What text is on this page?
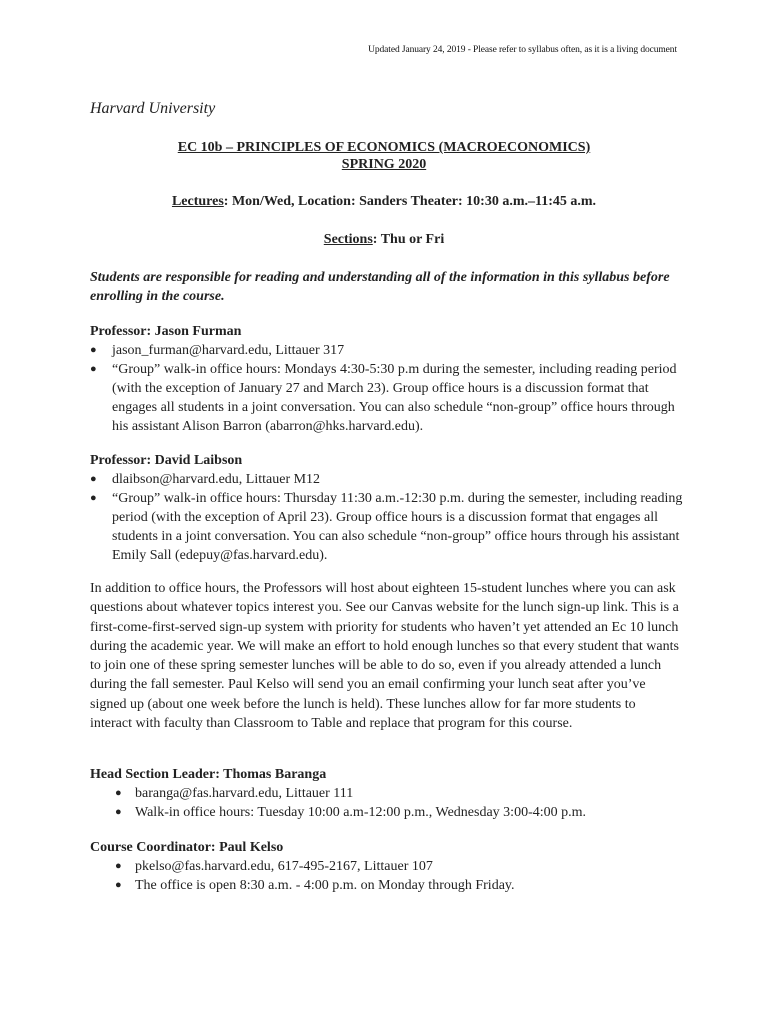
Updated January 24, 2019 - Please refer to syllabus often, as it is a living document
Harvard University
EC 10b – PRINCIPLES OF ECONOMICS (MACROECONOMICS)
SPRING 2020
Lectures: Mon/Wed, Location: Sanders Theater: 10:30 a.m.–11:45 a.m.
Sections: Thu or Fri
Students are responsible for reading and understanding all of the information in this syllabus before enrolling in the course.
Professor: Jason Furman
● jason_furman@harvard.edu, Littauer 317
● “Group” walk-in office hours: Mondays 4:30-5:30 p.m during the semester, including reading period (with the exception of January 27 and March 23). Group office hours is a discussion format that engages all students in a joint conversation. You can also schedule “non-group” office hours through his assistant Alison Barron (abarron@hks.harvard.edu).
Professor: David Laibson
● dlaibson@harvard.edu, Littauer M12
● “Group” walk-in office hours: Thursday 11:30 a.m.-12:30 p.m. during the semester, including reading period (with the exception of April 23). Group office hours is a discussion format that engages all students in a joint conversation. You can also schedule “non-group” office hours through his assistant Emily Sall (edepuy@fas.harvard.edu).
In addition to office hours, the Professors will host about eighteen 15-student lunches where you can ask questions about whatever topics interest you. See our Canvas website for the lunch sign-up link. This is a first-come-first-served sign-up system with priority for students who haven’t yet attended an Ec 10 lunch during the academic year. We will make an effort to hold enough lunches so that every student that wants to join one of these spring semester lunches will be able to do so, even if you already attended a lunch during the fall semester. Paul Kelso will send you an email confirming your lunch seat after you’ve signed up (about one week before the lunch is held). These lunches allow for far more students to interact with faculty than Classroom to Table and replace that program for this course.
Head Section Leader: Thomas Baranga
● baranga@fas.harvard.edu, Littauer 111
● Walk-in office hours: Tuesday 10:00 a.m-12:00 p.m., Wednesday 3:00-4:00 p.m.
Course Coordinator: Paul Kelso
● pkelso@fas.harvard.edu, 617-495-2167, Littauer 107
● The office is open 8:30 a.m. - 4:00 p.m. on Monday through Friday.
